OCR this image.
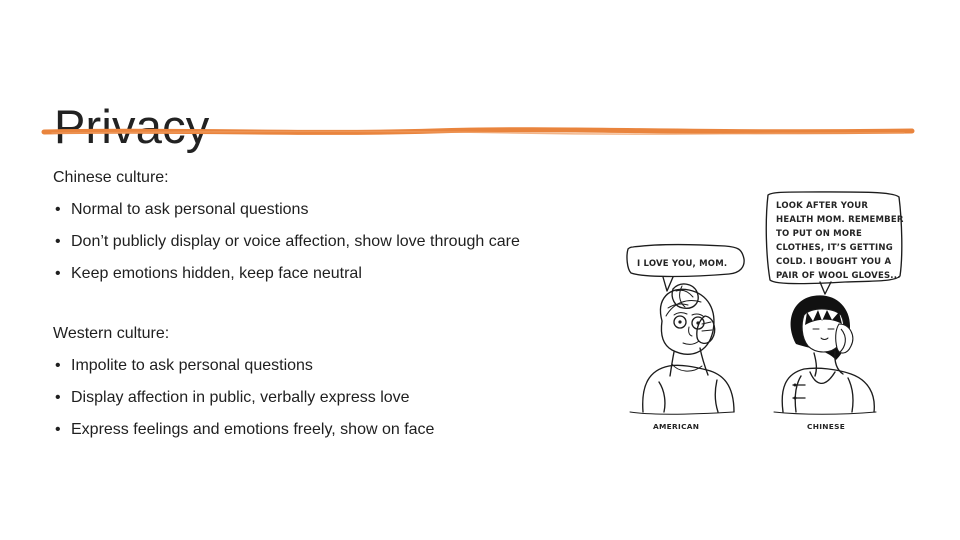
Privacy

Chinese culture:

• Normal to ask personal questions
• Don’t publicly display or voice affection, show love through care
• Keep emotions hidden, keep face neutral

Western culture:

• Impolite to ask personal questions
• Display affection in public, verbally express love
• Express feelings and emotions freely, show on face
I LOVE YOU, MOM.
LOOK AFTER YOUR HEALTH MOM. REMEMBER TO PUT ON MORE CLOTHES, IT’S GETTING COLD. I BOUGHT YOU A PAIR OF WOOL GLOVES...
AMERICAN	CHINESE
